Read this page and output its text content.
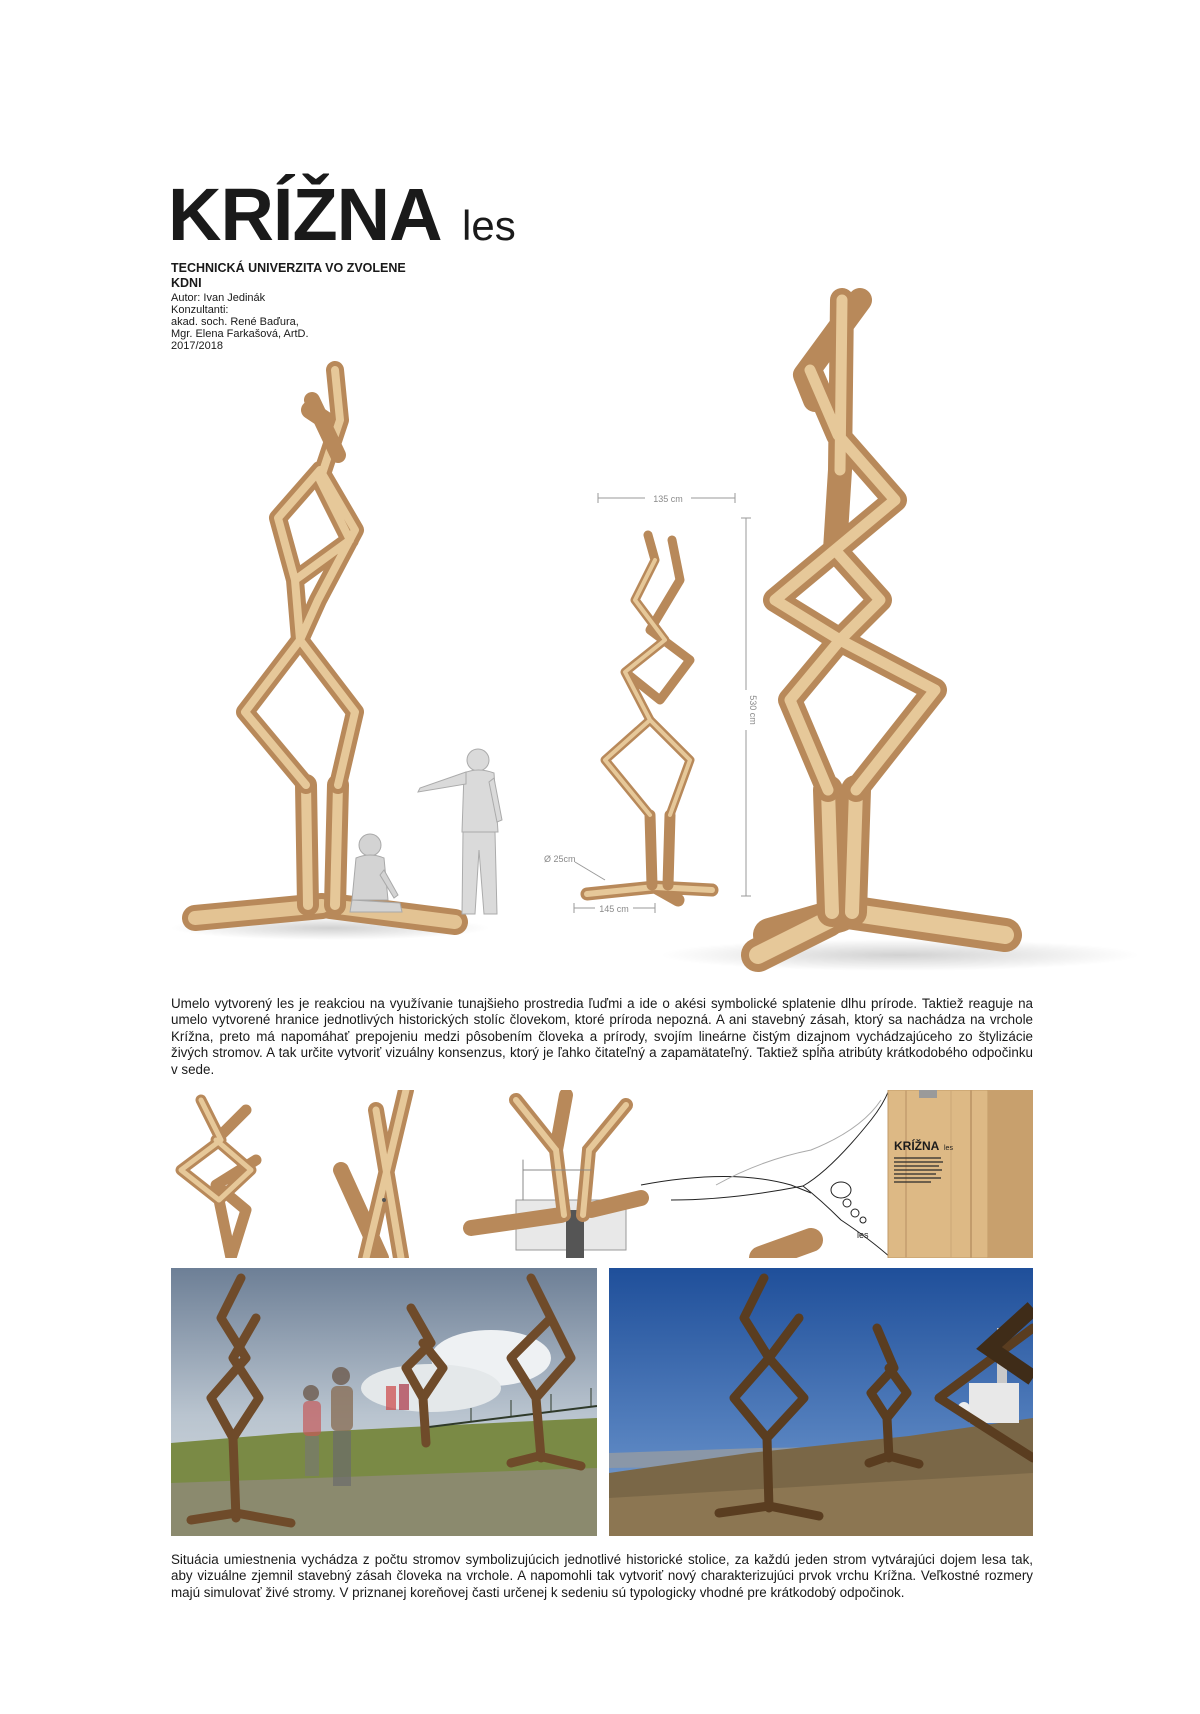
KRÍŽNA les
TECHNICKÁ UNIVERZITA VO ZVOLENE
KDNI
Autor: Ivan Jedinák
Konzultanti:
akad. soch. René Baďura,
Mgr. Elena Farkašová, ArtD.
2017/2018
135 cm
530 cm
Ø 25cm
145 cm
Umelo vytvorený les je reakciou na využívanie tunajšieho prostredia ľuďmi a ide o akési symbolické splatenie dlhu prírode. Taktiež reaguje na umelo vytvorené hranice jednotlivých historických stolíc človekom, ktoré príroda nepozná. A ani stavebný zásah, ktorý sa nachádza na vrchole Krížna, preto má napomáhať prepojeniu medzi pôsobením človeka a prírody, svojím lineárne čistým dizajnom vychádzajúceho zo štylizácie živých stromov. A tak určite vytvoriť vizuálny konsenzus, ktorý je ľahko čitateľný a zapamätateľný. Taktiež spĺňa atribúty krátkodobého odpočinku v sede.
les
KRÍŽNA les
Situácia umiestnenia vychádza z počtu stromov symbolizujúcich jednotlivé historické stolice, za každú jeden strom vytvárajúci dojem lesa tak, aby vizuálne zjemnil stavebný zásah človeka na vrchole. A napomohli tak vytvoriť nový charakterizujúci prvok vrchu Krížna. Veľkostné rozmery majú simulovať živé stromy. V priznanej koreňovej časti určenej k sedeniu sú typologicky vhodné pre krátkodobý odpočinok.
